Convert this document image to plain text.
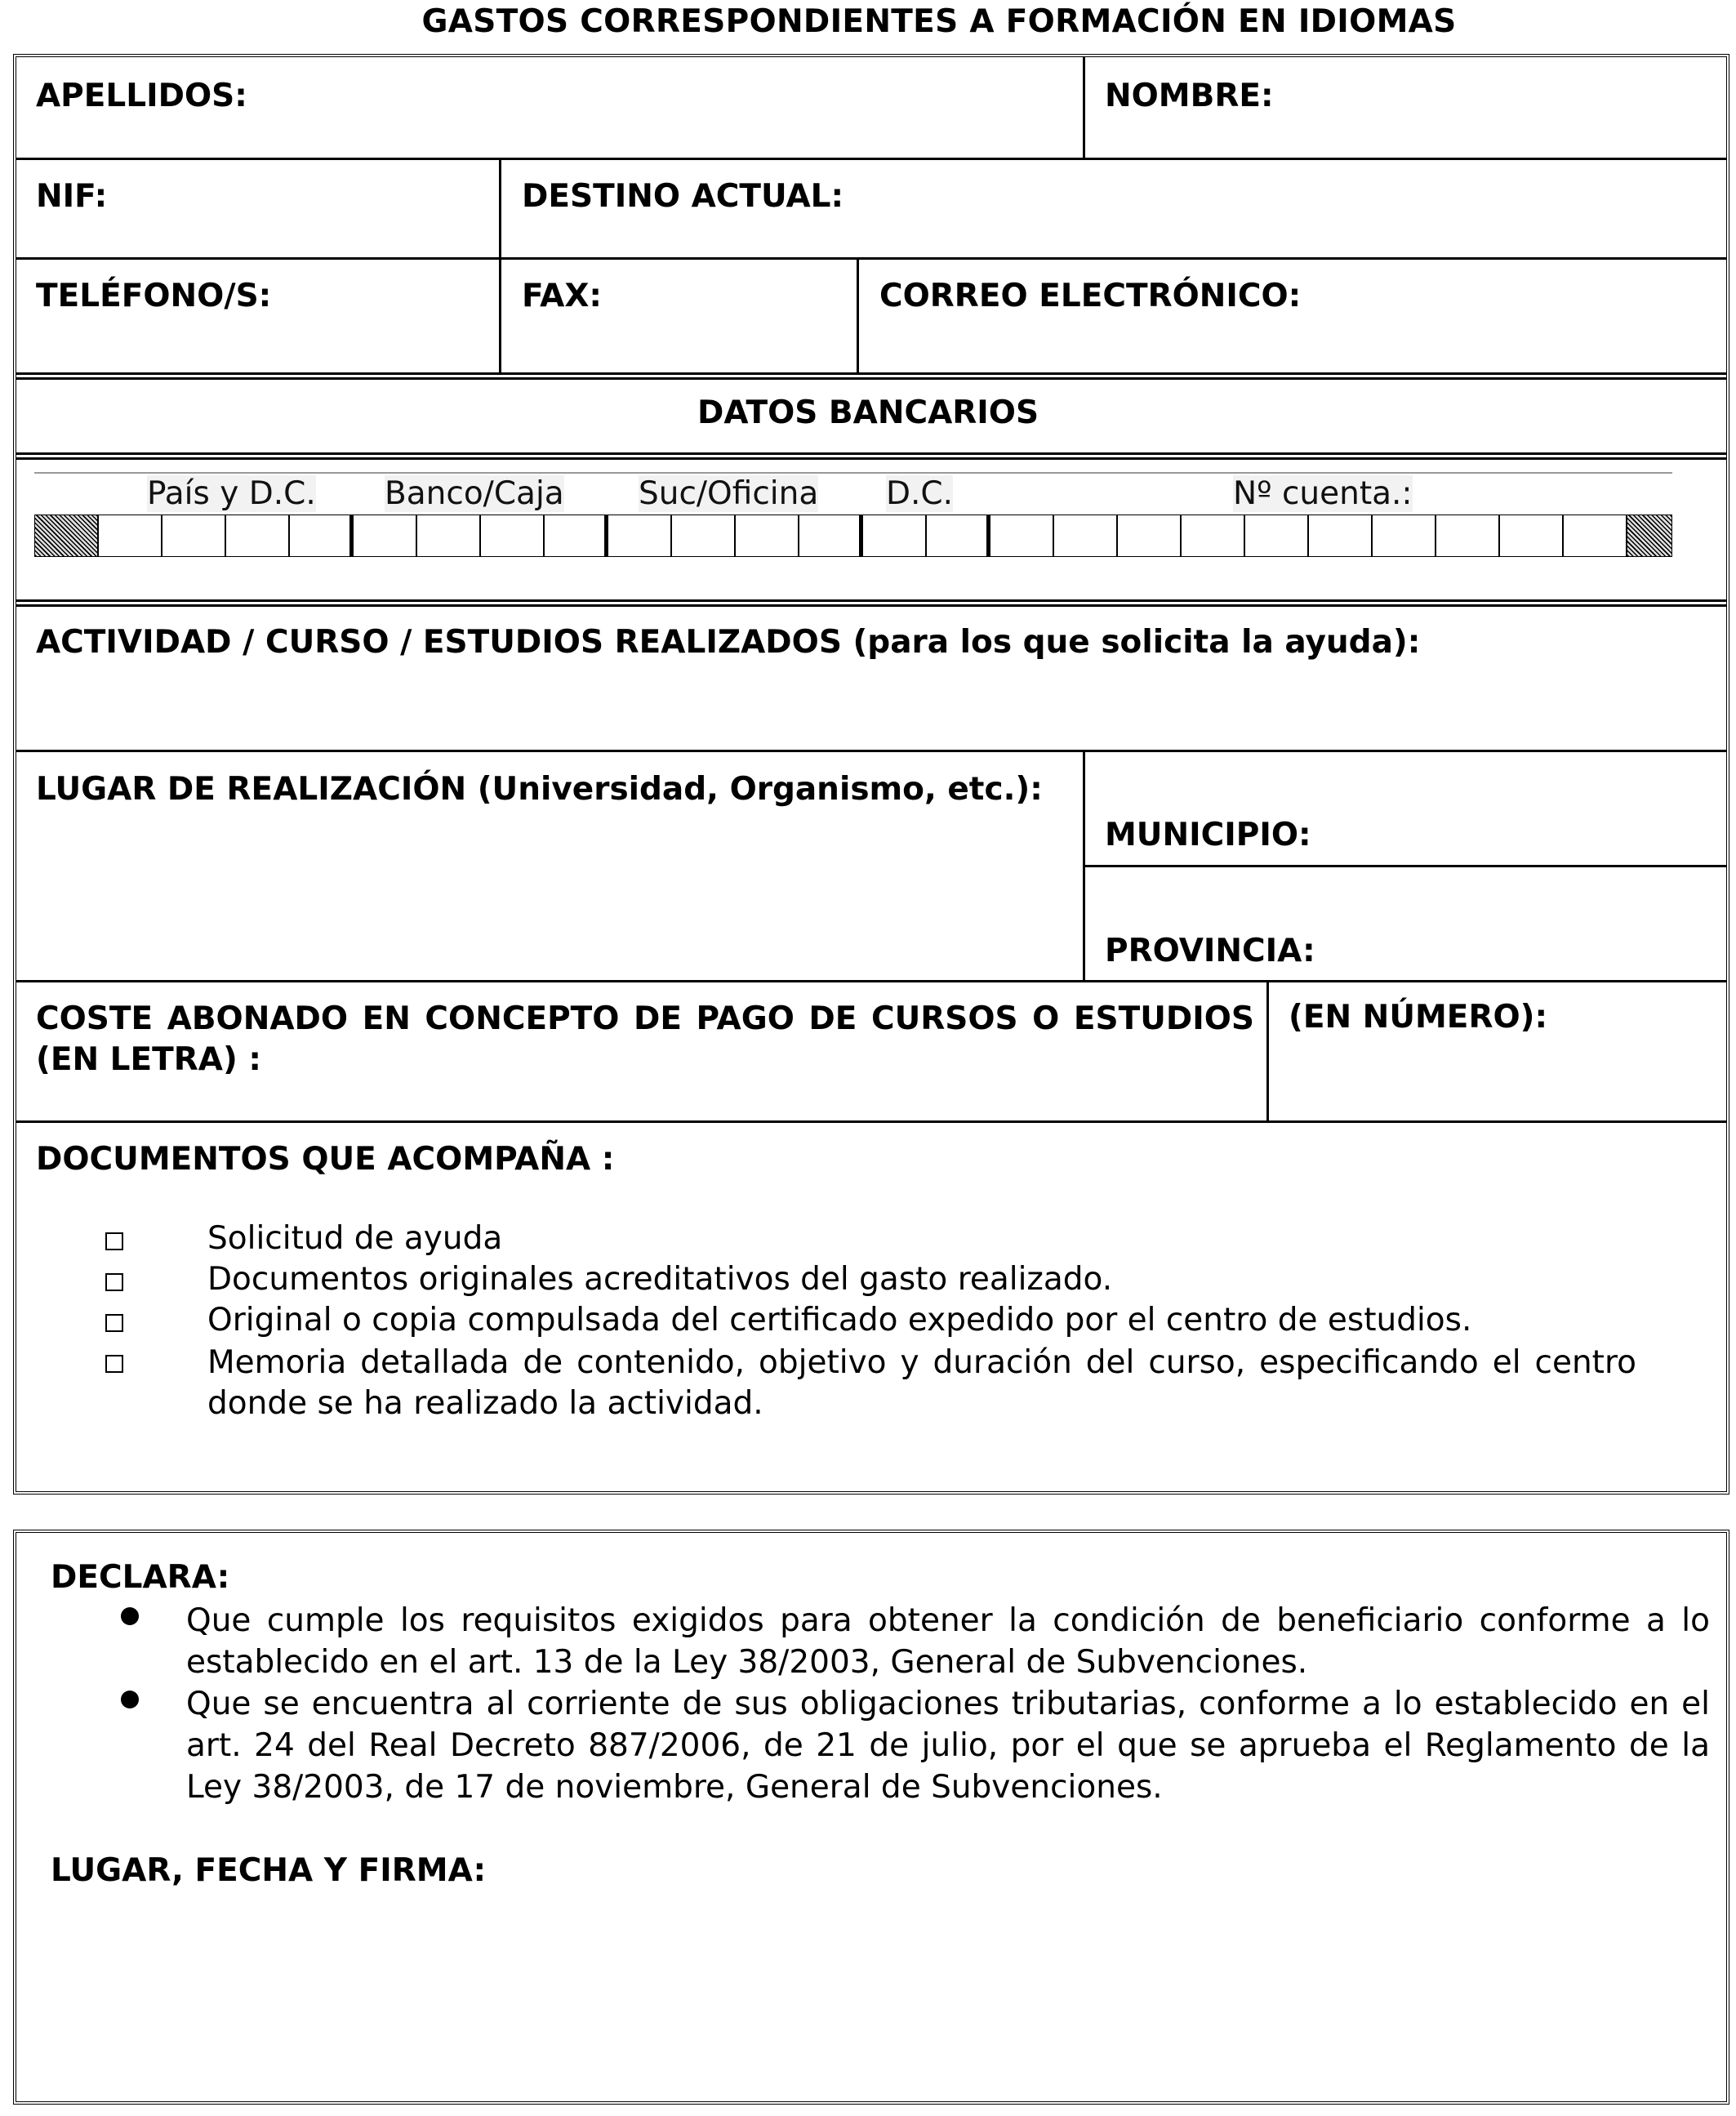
GASTOS CORRESPONDIENTES A FORMACIÓN EN IDIOMAS
APELLIDOS:	NOMBRE:
NIF:	DESTINO ACTUAL:
TELÉFONO/S:	FAX:	CORREO ELECTRÓNICO:
DATOS BANCARIOS
País y D.C. Banco/Caja Suc/Oficina D.C.	Nº cuenta.:
ACTIVIDAD / CURSO / ESTUDIOS REALIZADOS (para los que solicita la ayuda):
LUGAR DE REALIZACIÓN (Universidad, Organismo, etc.):
MUNICIPIO:
PROVINCIA:
COSTE ABONADO EN CONCEPTO DE PAGO DE CURSOS O ESTUDIOS (EN LETRA) :
(EN NÚMERO):
DOCUMENTOS QUE ACOMPAÑA :
Solicitud de ayuda
Documentos originales acreditativos del gasto realizado.
Original o copia compulsada del certificado expedido por el centro de estudios.
Memoria detallada de contenido, objetivo y duración del curso, especificando el centro donde se ha realizado la actividad.
DECLARA:
Que cumple los requisitos exigidos para obtener la condición de beneficiario conforme a lo establecido en el art. 13 de la Ley 38/2003, General de Subvenciones.
Que se encuentra al corriente de sus obligaciones tributarias, conforme a lo establecido en el art. 24 del Real Decreto 887/2006, de 21 de julio, por el que se aprueba el Reglamento de la Ley 38/2003, de 17 de noviembre, General de Subvenciones.
LUGAR, FECHA Y FIRMA:
